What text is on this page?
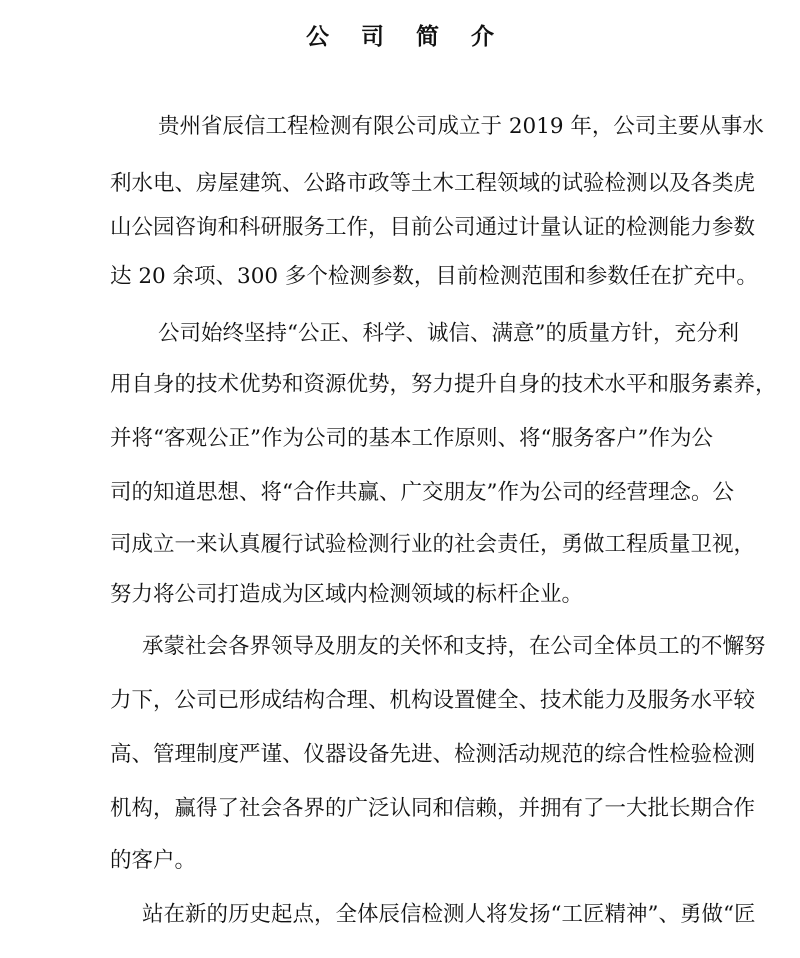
公 司 简 介

贵州省辰信工程检测有限公司成立于 2019 年，公司主要从事水

利水电、房屋建筑、公路市政等土木工程领域的试验检测以及各类虎

山公园咨询和科研服务工作，目前公司通过计量认证的检测能力参数

达 20 余项、300 多个检测参数，目前检测范围和参数任在扩充中。

公司始终坚持“公正、科学、诚信、满意”的质量方针，充分利

用自身的技术优势和资源优势，努力提升自身的技术水平和服务素养，

并将“客观公正”作为公司的基本工作原则、将“服务客户”作为公

司的知道思想、将“合作共赢、广交朋友”作为公司的经营理念。公

司成立一来认真履行试验检测行业的社会责任，勇做工程质量卫视，

努力将公司打造成为区域内检测领域的标杆企业。

承蒙社会各界领导及朋友的关怀和支持，在公司全体员工的不懈努

力下，公司已形成结构合理、机构设置健全、技术能力及服务水平较

高、管理制度严谨、仪器设备先进、检测活动规范的综合性检验检测

机构，赢得了社会各界的广泛认同和信赖，并拥有了一大批长期合作

的客户。

站在新的历史起点，全体辰信检测人将发扬“工匠精神”、勇做“匠
